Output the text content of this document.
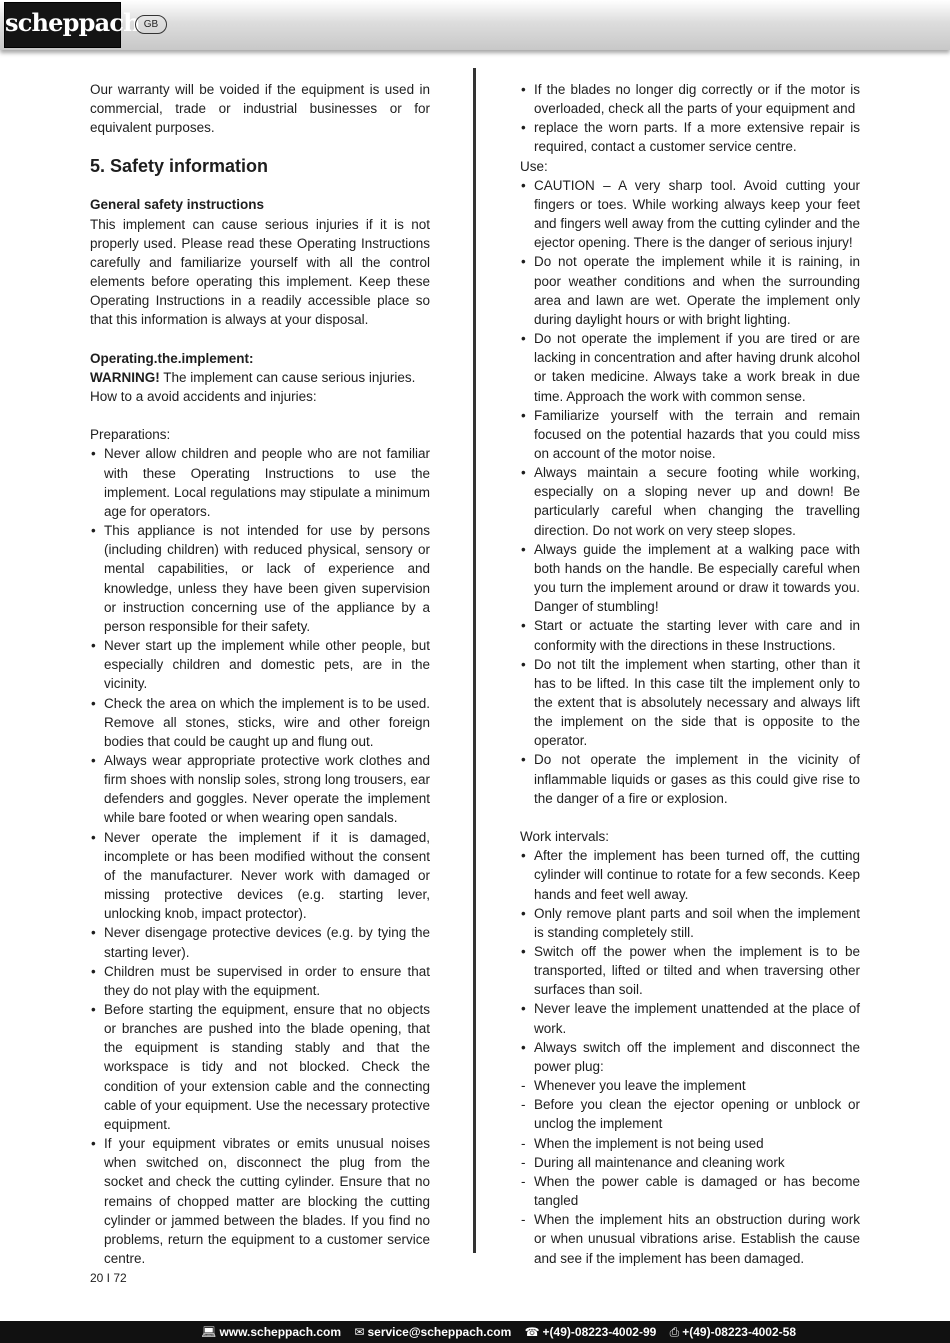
scheppach GB

Our warranty will be voided if the equipment is used in commercial, trade or industrial businesses or for equivalent purposes.

5. Safety information

General safety instructions

This implement can cause serious injuries if it is not properly used. Please read these Operating Instructions carefully and familiarize yourself with all the control elements before operating this implement. Keep these Operating Instructions in a readily accessible place so that this information is always at your disposal.

Operating.the.implement:

WARNING! The implement can cause serious injuries.

How to a avoid accidents and injuries:

Preparations:

• Never allow children and people who are not familiar with these Operating Instructions to use the implement. Local regulations may stipulate a minimum age for operators.
• This appliance is not intended for use by persons (including children) with reduced physical, sensory or mental capabilities, or lack of experience and knowledge, unless they have been given supervision or instruction concerning use of the appliance by a person responsible for their safety.
• Never start up the implement while other people, but especially children and domestic pets, are in the vicinity.
• Check the area on which the implement is to be used. Remove all stones, sticks, wire and other foreign bodies that could be caught up and flung out.
• Always wear appropriate protective work clothes and firm shoes with nonslip soles, strong long trousers, ear defenders and goggles. Never operate the implement while bare footed or when wearing open sandals.
• Never operate the implement if it is damaged, incomplete or has been modified without the consent of the manufacturer. Never work with damaged or missing protective devices (e.g. starting lever, unlocking knob, impact protector).
• Never disengage protective devices (e.g. by tying the starting lever).
• Children must be supervised in order to ensure that they do not play with the equipment.
• Before starting the equipment, ensure that no objects or branches are pushed into the blade opening, that the equipment is standing stably and that the workspace is tidy and not blocked. Check the condition of your extension cable and the connecting cable of your equipment. Use the necessary protective equipment.
• If your equipment vibrates or emits unusual noises when switched on, disconnect the plug from the socket and check the cutting cylinder. Ensure that no remains of chopped matter are blocking the cutting cylinder or jammed between the blades. If you find no problems, return the equipment to a customer service centre.
• If the blades no longer dig correctly or if the motor is overloaded, check all the parts of your equipment and
• replace the worn parts. If a more extensive repair is required, contact a customer service centre.

Use:

• CAUTION – A very sharp tool. Avoid cutting your fingers or toes. While working always keep your feet and fingers well away from the cutting cylinder and the ejector opening. There is the danger of serious injury!
• Do not operate the implement while it is raining, in poor weather conditions and when the surrounding area and lawn are wet. Operate the implement only during daylight hours or with bright lighting.
• Do not operate the implement if you are tired or are lacking in concentration and after having drunk alcohol or taken medicine. Always take a work break in due time. Approach the work with common sense.
• Familiarize yourself with the terrain and remain focused on the potential hazards that you could miss on account of the motor noise.
• Always maintain a secure footing while working, especially on a sloping never up and down! Be particularly careful when changing the travelling direction. Do not work on very steep slopes.
• Always guide the implement at a walking pace with both hands on the handle. Be especially careful when you turn the implement around or draw it towards you. Danger of stumbling!
• Start or actuate the starting lever with care and in conformity with the directions in these Instructions.
• Do not tilt the implement when starting, other than it has to be lifted. In this case tilt the implement only to the extent that is absolutely necessary and always lift the implement on the side that is opposite to the operator.
• Do not operate the implement in the vicinity of inflammable liquids or gases as this could give rise to the danger of a fire or explosion.

Work intervals:

• After the implement has been turned off, the cutting cylinder will continue to rotate for a few seconds. Keep hands and feet well away.
• Only remove plant parts and soil when the implement is standing completely still.
• Switch off the power when the implement is to be transported, lifted or tilted and when traversing other surfaces than soil.
• Never leave the implement unattended at the place of work.
• Always switch off the implement and disconnect the power plug:
- Whenever you leave the implement
- Before you clean the ejector opening or unblock or unclog the implement
- When the implement is not being used
- During all maintenance and cleaning work
- When the power cable is damaged or has become tangled
- When the implement hits an obstruction during work or when unusual vibrations arise. Establish the cause and see if the implement has been damaged.
20 I 72
💻︎ www.scheppach.com ✉︎ service@scheppach.com ☎︎ +(49)-08223-4002-99 ⎙ +(49)-08223-4002-58
